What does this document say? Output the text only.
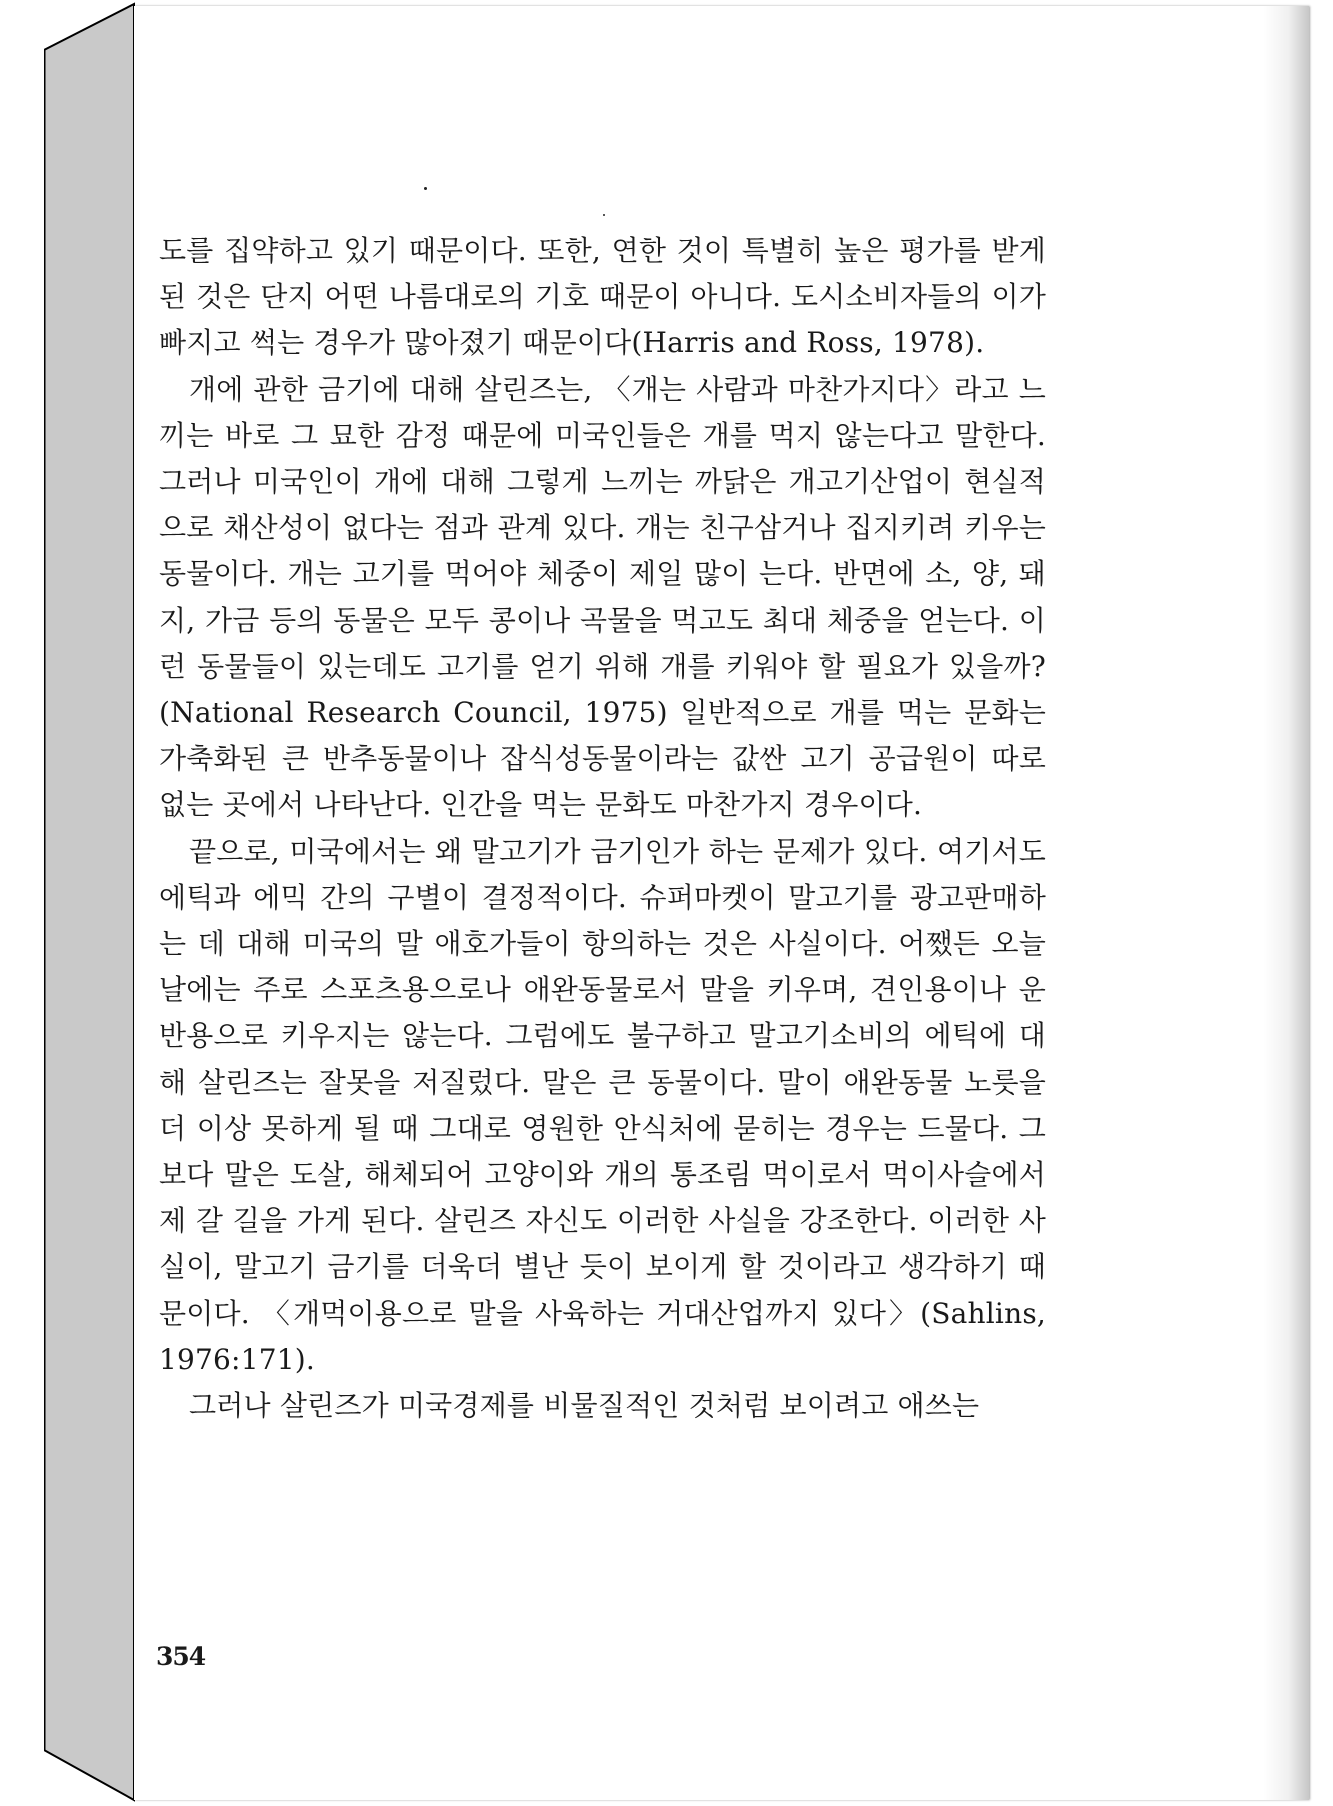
도를 집약하고 있기 때문이다. 또한, 연한 것이 특별히 높은 평가를 받게 된 것은 단지 어떤 나름대로의 기호 때문이 아니다. 도시소비자들의 이가 빠지고 썩는 경우가 많아졌기 때문이다(Harris and Ross, 1978).

개에 관한 금기에 대해 살린즈는, 〈개는 사람과 마찬가지다〉라고 느끼는 바로 그 묘한 감정 때문에 미국인들은 개를 먹지 않는다고 말한다. 그러나 미국인이 개에 대해 그렇게 느끼는 까닭은 개고기산업이 현실적으로 채산성이 없다는 점과 관계 있다. 개는 친구삼거나 집지키려 키우는 동물이다. 개는 고기를 먹어야 체중이 제일 많이 는다. 반면에 소, 양, 돼지, 가금 등의 동물은 모두 콩이나 곡물을 먹고도 최대 체중을 얻는다. 이런 동물들이 있는데도 고기를 얻기 위해 개를 키워야 할 필요가 있을까?(National Research Council, 1975) 일반적으로 개를 먹는 문화는 가축화된 큰 반추동물이나 잡식성동물이라는 값싼 고기 공급원이 따로 없는 곳에서 나타난다. 인간을 먹는 문화도 마찬가지 경우이다.

끝으로, 미국에서는 왜 말고기가 금기인가 하는 문제가 있다. 여기서도 에틱과 에믹 간의 구별이 결정적이다. 슈퍼마켓이 말고기를 광고판매하는 데 대해 미국의 말 애호가들이 항의하는 것은 사실이다. 어쨌든 오늘날에는 주로 스포츠용으로나 애완동물로서 말을 키우며, 견인용이나 운반용으로 키우지는 않는다. 그럼에도 불구하고 말고기소비의 에틱에 대해 살린즈는 잘못을 저질렀다. 말은 큰 동물이다. 말이 애완동물 노릇을 더 이상 못하게 될 때 그대로 영원한 안식처에 묻히는 경우는 드물다. 그보다 말은 도살, 해체되어 고양이와 개의 통조림 먹이로서 먹이사슬에서 제 갈 길을 가게 된다. 살린즈 자신도 이러한 사실을 강조한다. 이러한 사실이, 말고기 금기를 더욱더 별난 듯이 보이게 할 것이라고 생각하기 때문이다. 〈개먹이용으로 말을 사육하는 거대산업까지 있다〉(Sahlins, 1976:171).

그러나 살린즈가 미국경제를 비물질적인 것처럼 보이려고 애쓰는

354
